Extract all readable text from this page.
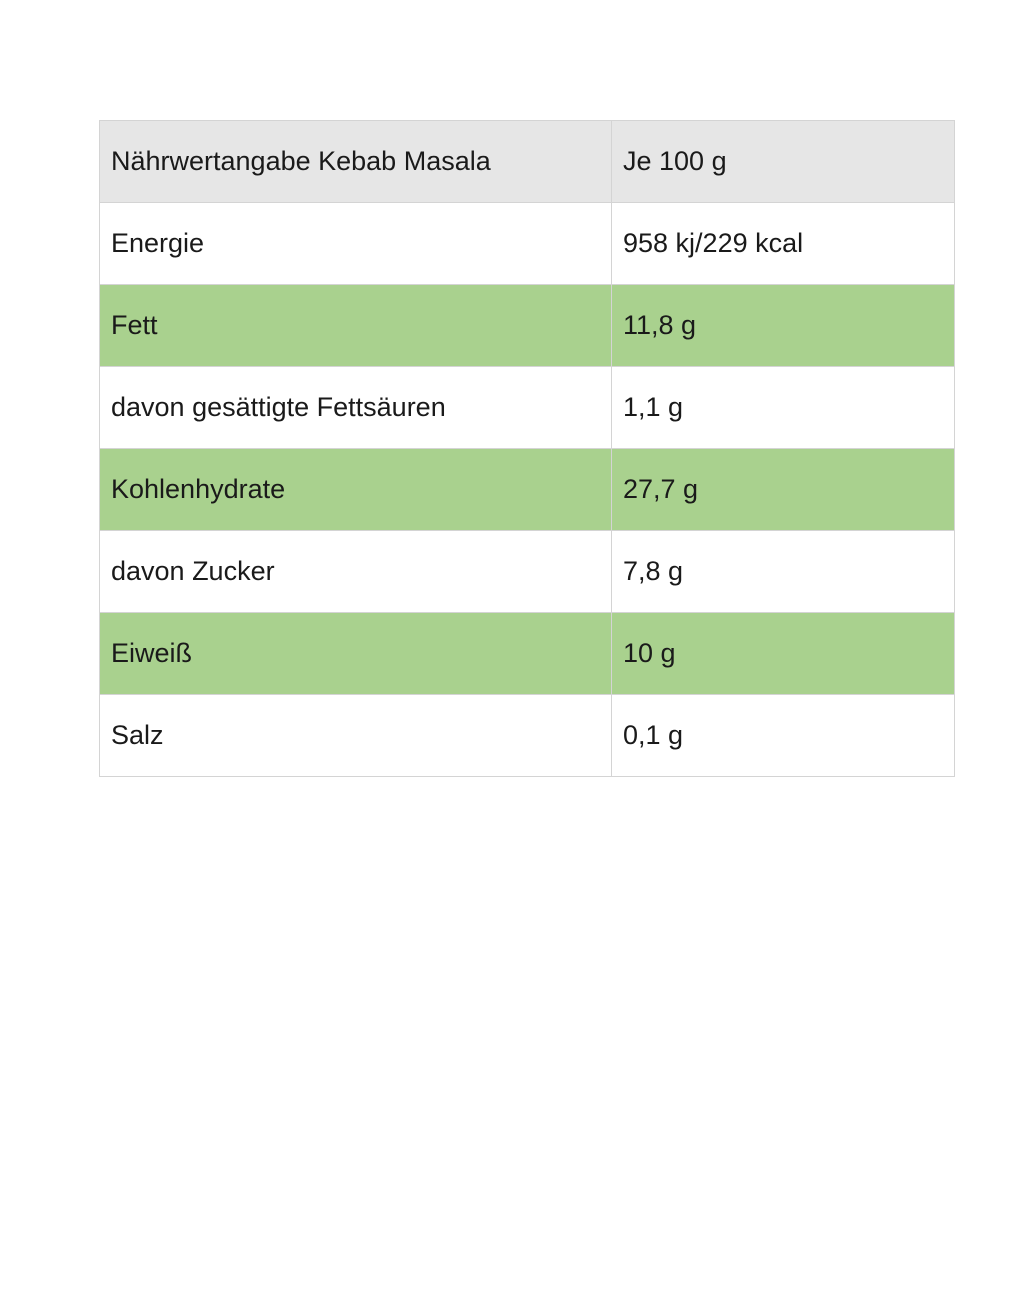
Nährwertangabe Kebab Masala	Je 100 g
Energie	958 kj/229 kcal
Fett	11,8 g
davon gesättigte Fettsäuren	1,1 g
Kohlenhydrate	27,7 g
davon Zucker	7,8 g
Eiweiß	10 g
Salz	0,1 g
